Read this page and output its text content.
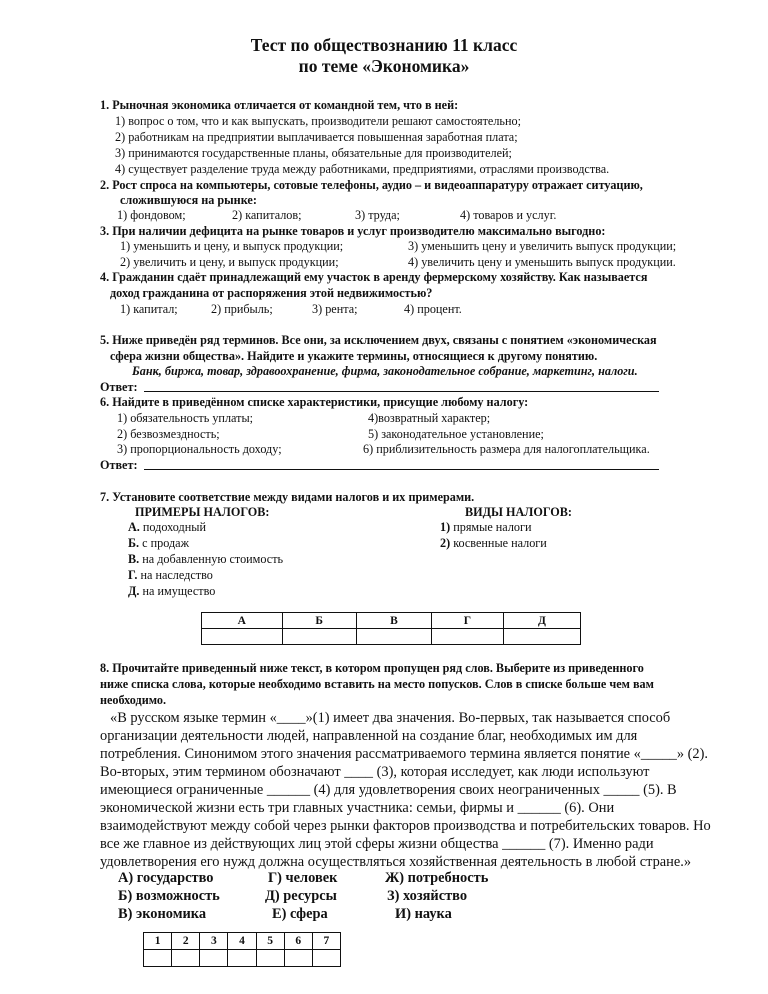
Тест по обществознанию 11 класс
по теме «Экономика»
1. Рыночная экономика отличается от командной тем, что в ней:
1) вопрос о том, что и как выпускать, производители решают самостоятельно;
2) работникам на предприятии выплачивается повышенная заработная плата;
3) принимаются государственные планы, обязательные для производителей;
4) существует разделение труда между работниками, предприятиями, отраслями производства.
2. Рост спроса на компьютеры, сотовые телефоны, аудио – и видеоаппаратуру отражает ситуацию,
сложившуюся на рынке:
1) фондовом;	2) капиталов;	3) труда;	4) товаров и услуг.
3. При наличии дефицита на рынке товаров и услуг производителю максимально выгодно:
1) уменьшить и цену, и выпуск продукции;	3) уменьшить цену и увеличить выпуск продукции;
2) увеличить и цену, и выпуск продукции;	4) увеличить цену и уменьшить выпуск продукции.
4. Гражданин сдаёт принадлежащий ему участок в аренду фермерскому хозяйству. Как называется
доход гражданина от распоряжения этой недвижимостью?
1) капитал;	2) прибыль;	3) рента;	4) процент.
5. Ниже приведён ряд терминов. Все они, за исключением двух, связаны с понятием «экономическая
сфера жизни общества». Найдите и укажите термины, относящиеся к другому понятию.
Банк, биржа, товар, здравоохранение, фирма, законодательное собрание, маркетинг, налоги.
Ответ:
6. Найдите в приведённом списке характеристики, присущие любому налогу:
1) обязательность уплаты;	4)возвратный характер;
2) безвозмездность;	5) законодательное установление;
3) пропорциональность доходу;	6) приблизительность размера для налогоплательщика.
Ответ:
7. Установите соответствие между видами налогов и их примерами.
ПРИМЕРЫ НАЛОГОВ:	ВИДЫ НАЛОГОВ:
А. подоходный
Б. с продаж
В. на добавленную стоимость
Г. на наследство
Д. на имущество
1) прямые налоги
2) косвенные налоги
А	Б	В	Г	Д

8. Прочитайте приведенный ниже текст, в котором пропущен ряд слов. Выберите из приведенного
ниже списка слова, которые необходимо вставить на место попусков. Слов в списке больше чем вам
необходимо.
«В русском языке термин «____»(1) имеет два значения. Во-первых, так называется способ
организации деятельности людей, направленной на создание благ, необходимых им для
потребления. Синонимом этого значения рассматриваемого термина является понятие «_____» (2).
Во-вторых, этим термином обозначают ____ (3), которая исследует, как люди используют
имеющиеся ограниченные ______ (4) для удовлетворения своих неограниченных _____ (5). В
экономической жизни есть три главных участника: семьи, фирмы и ______ (6). Они
взаимодействуют между собой через рынки факторов производства и потребительских товаров. Но
все же главное из действующих лиц этой сферы жизни общества ______ (7). Именно ради
удовлетворения его нужд должна осуществляться хозяйственная деятельность в любой стране.»
А) государство	Г) человек	Ж) потребность
Б) возможность	Д) ресурсы	З) хозяйство
В) экономика	Е) сфера	И) наука
1	2	3	4	5	6	7
